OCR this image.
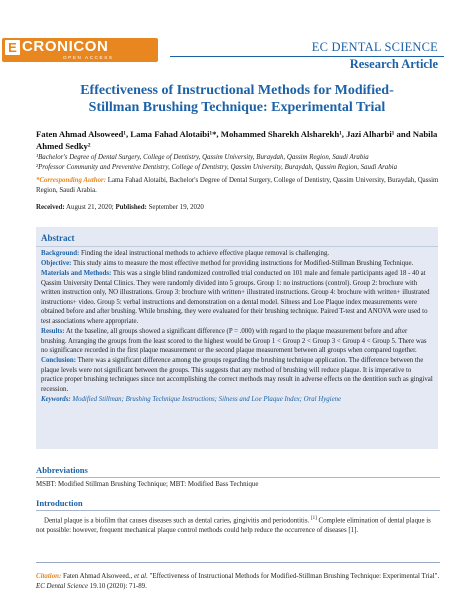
E CRONICON
OPEN ACCESS
EC DENTAL SCIENCE
Research Article
Effectiveness of Instructional Methods for Modified-Stillman Brushing Technique: Experimental Trial
Faten Ahmad Alsoweed¹, Lama Fahad Alotaibi¹*, Mohammed Sharekh Alsharekh¹, Jazi Alharbi¹ and Nabila Ahmed Sedky²
¹Bachelor's Degree of Dental Surgery, College of Dentistry, Qassim University, Buraydah, Qassim Region, Saudi Arabia
²Professor Community and Preventive Dentistry, College of Dentistry, Qassim University, Buraydah, Qassim Region, Saudi Arabia
*Corresponding Author: Lama Fahad Alotaibi, Bachelor's Degree of Dental Surgery, College of Dentistry, Qassim University, Buraydah, Qassim Region, Saudi Arabia.
Received: August 21, 2020; Published: September 19, 2020
Abstract

Background: Finding the ideal instructional methods to achieve effective plaque removal is challenging.

Objective: This study aims to measure the most effective method for providing instructions for Modified-Stillman Brushing Technique.

Materials and Methods: This was a single blind randomized controlled trial conducted on 101 male and female participants aged 18 - 40 at Qassim University Dental Clinics. They were randomly divided into 5 groups. Group 1: no instructions (control). Group 2: brochure with written instruction only, NO illustrations. Group 3: brochure with written+ illustrated instructions. Group 4: brochure with written+ illustrated instructions+ video. Group 5: verbal instructions and demonstration on a dental model. Silness and Loe Plaque index measurements were obtained before and after brushing. While brushing, they were evaluated for their brushing technique. Paired T-test and ANOVA were used to test associations where appropriate.

Results: At the baseline, all groups showed a significant difference (P = .000) with regard to the plaque measurement before and after brushing. Arranging the groups from the least scored to the highest would be Group 1 < Group 2 < Group 3 < Group 4 < Group 5. There was no significance recorded in the first plaque measurement or the second plaque measurement between all groups when compared together.

Conclusion: There was a significant difference among the groups regarding the brushing technique application. The difference between the plaque levels were not significant between the groups. This suggests that any method of brushing will reduce plaque. It is imperative to practice proper brushing techniques since not accomplishing the correct methods may result in adverse effects on the dentition such as gingival recession.

Keywords: Modified Stillman; Brushing Technique Instructions; Silness and Loe Plaque Index; Oral Hygiene

Abbreviations
MSBT: Modified Stillman Brushing Technique; MBT: Modified Bass Technique
Introduction
Dental plaque is a biofilm that causes diseases such as dental caries, gingivitis and periodontitis. [1] Complete elimination of dental plaque is not possible: however, frequent mechanical plaque control methods could help reduce the occurrence of diseases [1].
Citation: Faten Ahmad Alsoweed., et al. "Effectiveness of Instructional Methods for Modified-Stillman Brushing Technique: Experimental Trial". EC Dental Science 19.10 (2020): 71-89.
